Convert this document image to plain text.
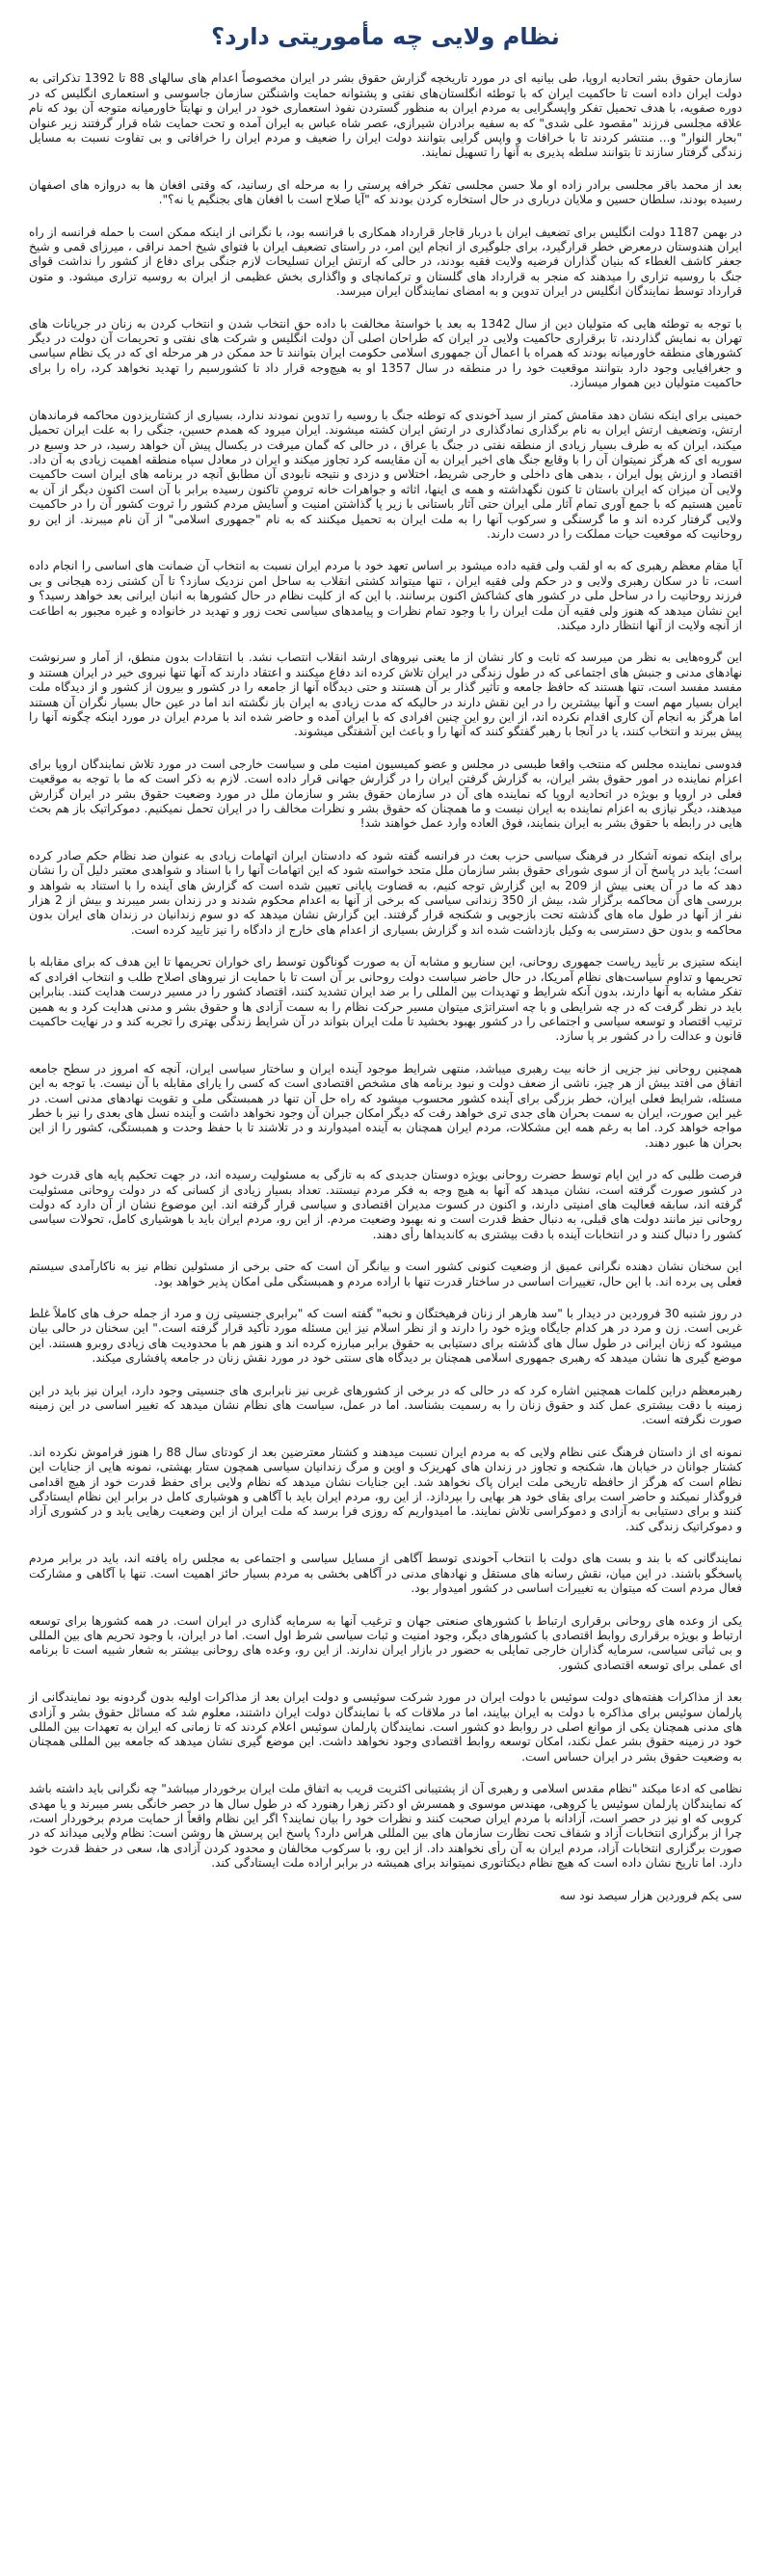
نظام ولایی چه مأموریتی دارد؟

سازمان حقوق بشر اتحادیه اروپا، طی بیانیه ای در مورد تاریخچه گزارش حقوق بشر در ایران مخصوصاً اعدام های سالهای 88 تا 1392 تذکراتی به دولت ایران داده است تا حاکمیت ایران که با توطئه انگلستان‌های نفتی و پشتوانه حمایت واشنگتن سازمان جاسوسی و استعماری انگلیس که در دوره صفویه، با هدف تحمیل تفکر واپسگرایی به مردم ایران به منظور گستردن نفوذ استعماری خود در ایران و نهایتاً خاورمیانه متوجه آن بود که نام علاقه مجلسی فرزند "مقصود علی شدی" که به سفیه برادران شیرازی، عصر شاه عباس به ایران آمده و تحت حمایت شاه قرار گرفتند زیر عنوان "بحار النوار" و... منتشر کردند تا با خرافات و واپس گرایی بتوانند دولت ایران را ضعیف و مردم ایران را خرافاتی و بی تفاوت نسبت به مسایل زندگی گرفتار سازند تا بتوانند سلطه پذیری به آنها را تسهیل نمایند.

بعد از محمد باقر مجلسی برادر زاده او ملا حسن مجلسی تفکر خرافه پرستی را به مرحله ای رسانید، که وقتی افغان ها به دروازه های اصفهان رسیده بودند، سلطان حسین و ملایان درباری در حال استخاره کردن بودند که "آیا صلاح است با افغان های بجنگیم یا نه؟".

در بهمن 1187 دولت انگلیس برای تضعیف ایران با دربار قاجار قرارداد همکاری با فرانسه بود، با نگرانی از اینکه ممکن است با حمله فرانسه از راه ایران هندوستان درمعرض خطر قرارگیرد، برای جلوگیری از انجام این امر، در راستای تضعیف ایران با فتوای شیخ احمد نراقی ، میرزای قمی و شیخ جعفر کاشف الغطاء که بنیان گذاران فرضیه ولایت فقیه بودند، در حالی که ارتش ایران تسلیحات لازم جنگی برای دفاع از کشور را نداشت قوای جنگ با روسیه تزاری را میدهند که منجر به قرارداد های گلستان و ترکمانچای و واگذاری بخش عظیمی از ایران به روسیه تزاری میشود. و متون قرارداد توسط نمایندگان انگلیس در ایران تدوین و به امضای نمایندگان ایران میرسد.

با توجه به توطئه هایی که متولیان دین از سال 1342 به بعد با خواستۀ مخالفت با داده حق انتخاب شدن و انتخاب کردن به زنان در جریانات های تهران به نمایش گذاردند، تا برقراری حاکمیت ولایی در ایران که طراحان اصلی آن دولت انگلیس و شرکت های نفتی و تحریمات آن دولت در دیگر کشورهای منطقه خاورمیانه بودند که همراه با اعمال آن جمهوری اسلامی حکومت ایران بتوانند تا حد ممکن در هر مرحله ای که در یک نظام سیاسی و جغرافیایی وجود دارد بتوانند موقعیت خود را در منطقه در سال 1357 او به هیچ‌وجه قرار داد تا کشورسیم را تهدید نخواهد کرد، راه را برای حاکمیت متولیان دین هموار میسازد.

خمینی برای اینکه نشان دهد مقامش کمتر از سید آخوندی که توطئه جنگ با روسیه را تدوین نمودند ندارد، بسیاری از کشتاریزدون محاکمه فرماندهان ارتش، وتضعیف ارتش ایران به نام برگذاری نمادگذاری در ارتش ایران کشته میشوند. ایران میرود که همدم حسین، جنگی را به علت ایران تحمیل میکند، ایران که به طرف بسیار زیادی از منطقه نفتی در جنگ با عراق ، در حالی که گمان میرفت در یکسال پیش آن خواهد رسید، در حد وسیع در سوریه ای که هرگز نمیتوان آن را با وقایع جنگ های اخیر ایران به آن مقایسه کرد تجاوز میکند و ایران در معادل سپاه منطقه اهمیت زیادی به آن داد. اقتصاد و ارزش پول ایران ، بدهی های داخلی و خارجی شریط، اختلاس و دزدی و نتیجه نابودی آن مطابق آنچه در برنامه های ایران است حاکمیت ولایی آن میزان که ایران باستان تا کنون نگهداشته و همه ی اینها، اثاثه و جواهرات خانه ترومن تاکنون رسیده برابر با آن است اکنون دیگر از آن به تأمین هستیم که با جمع آوری تمام آثار ملی ایران حتی آثار باستانی با زیر پا گذاشتن امنیت و آسایش مردم کشور را ثروت کشور آن را در حاکمیت ولایی گرفتار کرده اند و ما گرسنگی و سرکوب آنها را به ملت ایران به تحمیل میکنند که به نام "جمهوری اسلامی" از آن نام میبرند. از این رو روحانیت که موقعیت حیات مملکت را در دست دارند.

آیا مقام معظم رهبری که به او لقب ولی فقیه داده میشود بر اساس تعهد خود با مردم ایران نسبت به انتخاب آن ضمانت های اساسی را انجام داده است، تا در سکان رهبری ولایی و در حکم ولی فقیه ایران ، تنها میتواند کشتی انقلاب به ساحل امن نزدیک سازد؟ تا آن کشتی زده هیجانی و بی فرزند روحانیت را در ساحل ملی در کشور های کشاکش اکنون برسانند. با این که از کلیت نظام در حال کشورها به انبان ایرانی بعد خواهد رسید؟ و این نشان میدهد که هنوز ولی فقیه آن ملت ایران را با وجود تمام نظرات و پیامدهای سیاسی تحت زور و تهدید در خانواده و غیره مجبور به اطاعت از آنچه ولایت از آنها انتظار دارد میکند.

این گروه‌هایی به نظر من میرسد که ثابت و کار نشان از ما یعنی نیروهای ارشد انقلاب انتصاب نشد. با انتقادات بدون منطق، از آمار و سرنوشت نهادهای مدنی و جنبش های اجتماعی که در طول زندگی در ایران تلاش کرده اند دفاع میکنند و اعتقاد دارند که آنها تنها نیروی خیر در ایران هستند و مفسد مفسد است، تنها هستند که حافظ جامعه و تأثیر گذار بر آن هستند و حتی دیدگاه آنها از جامعه را در کشور و بیرون از کشور و از دیدگاه ملت ایران بسیار مهم است و آنها بیشترین را در این نقش دارند در حالیکه که مدت زیادی به ایران باز نگشته اند اما در عین حال بسیار نگران آن هستند اما هرگز به انجام آن کاری اقدام نکرده اند، از این رو این چنین افرادی که با ایران آمده و حاضر شده اند با مردم ایران در مورد اینکه چگونه آنها را پیش ببرند و انتخاب کنند، یا در آنجا با رهبر گفتگو کنند که آنها را و باعث این آشفتگی میشوند.

فدوسی نماینده مجلس که منتخب واقعا طبسی در مجلس و عضو کمیسیون امنیت ملی و سیاست خارجی است در مورد تلاش نمایندگان اروپا برای اعزام نماینده در امور حقوق بشر ایران، به گزارش گرفتن ایران را در گزارش جهانی قرار داده است. لازم به ذکر است که ما با توجه به موقعیت فعلی در اروپا و بویژه در اتحادیه اروپا که نماینده های آن در سازمان حقوق بشر و سازمان ملل در مورد وضعیت حقوق بشر در ایران گزارش میدهند، دیگر نیازی به اعزام نماینده به ایران نیست و ما همچنان که حقوق بشر و نظرات مخالف را در ایران تحمل نمیکنیم. دموکراتیک باز هم بحث هایی در رابطه با حقوق بشر به ایران بنمایند، فوق العاده وارد عمل خواهند شد!

برای اینکه نمونه آشکار در فرهنگ سیاسی حزب بعث در فرانسه گفته شود که دادستان ایران اتهامات زیادی به عنوان ضد نظام حکم صادر کرده است؛ باید در پاسخ آن از سوی شورای حقوق بشر سازمان ملل متحد خواسته شود که این اتهامات آنها را با اسناد و شواهدی معتبر دلیل آن را نشان دهد که ما در آن یعنی بیش از 209 به این گزارش توجه کنیم، به قضاوت پایانی تعیین شده است که گزارش های آینده را با استناد به شواهد و بررسی های آن محاکمه برگزار شد، بیش از 350 زندانی سیاسی که برخی از آنها به اعدام محکوم شدند و در زندان بسر میبرند و بیش از 2 هزار نفر از آنها در طول ماه های گذشته تحت بازجویی و شکنجه قرار گرفتند. این گزارش نشان میدهد که دو سوم زندانیان در زندان های ایران بدون محاکمه و بدون حق دسترسی به وکیل بازداشت شده اند و گزارش بسیاری از اعدام های خارج از دادگاه را نیز تایید کرده است.

اینکه ستیزی بر تأیید ریاست جمهوری روحانی، این سناریو و مشابه آن به صورت گوناگون توسط رای خواران تحریمها تا این هدف که برای مقابله با تحریمها و تداوم سیاست‌های نظام آمریکا، در حال حاضر سیاست دولت روحانی بر آن است تا با حمایت از نیروهای اصلاح طلب و انتخاب افرادی که تفکر مشابه به آنها دارند، بدون آنکه شرایط و تهدیدات بین المللی را بر ضد ایران تشدید کنند، اقتصاد کشور را در مسیر درست هدایت کنند. بنابراین باید در نظر گرفت که در چه شرایطی و با چه استراتژی میتوان مسیر حرکت نظام را به سمت آزادی ها و حقوق بشر و مدنی هدایت کرد و به همین ترتیب اقتصاد و توسعه سیاسی و اجتماعی را در کشور بهبود بخشید تا ملت ایران بتواند در آن شرایط زندگی بهتری را تجربه کند و در نهایت حاکمیت قانون و عدالت را در کشور بر پا سازد.

همچنین روحانی نیز جزیی از خانه بیت رهبری میباشد، منتهی شرایط موجود آینده ایران و ساختار سیاسی ایران، آنچه که امروز در سطح جامعه اتفاق می افتد بیش از هر چیز، ناشی از ضعف دولت و نبود برنامه های مشخص اقتصادی است که کسی را یارای مقابله با آن نیست. با توجه به این مسئله، شرایط فعلی ایران، خطر بزرگی برای آینده کشور محسوب میشود که راه حل آن تنها در همبستگی ملی و تقویت نهادهای مدنی است. در غیر این صورت، ایران به سمت بحران های جدی تری خواهد رفت که دیگر امکان جبران آن وجود نخواهد داشت و آینده نسل های بعدی را نیز با خطر مواجه خواهد کرد. اما به رغم همه این مشکلات، مردم ایران همچنان به آینده امیدوارند و در تلاشند تا با حفظ وحدت و همبستگی، کشور را از این بحران ها عبور دهند.

فرصت طلبی که در این ایام توسط حضرت روحانی بویژه دوستان جدیدی که به تازگی به مسئولیت رسیده اند، در جهت تحکیم پایه های قدرت خود در کشور صورت گرفته است، نشان میدهد که آنها به هیچ وجه به فکر مردم نیستند. تعداد بسیار زیادی از کسانی که در دولت روحانی مسئولیت گرفته اند، سابقه فعالیت های امنیتی دارند، و اکنون در کسوت مدیران اقتصادی و سیاسی قرار گرفته اند. این موضوع نشان از آن دارد که دولت روحانی نیز مانند دولت های قبلی، به دنبال حفظ قدرت است و نه بهبود وضعیت مردم. از این رو، مردم ایران باید با هوشیاری کامل، تحولات سیاسی کشور را دنبال کنند و در انتخابات آینده با دقت بیشتری به کاندیداها رأی دهند.

این سخنان نشان دهنده نگرانی عمیق از وضعیت کنونی کشور است و بیانگر آن است که حتی برخی از مسئولین نظام نیز به ناکارآمدی سیستم فعلی پی برده اند. با این حال، تغییرات اساسی در ساختار قدرت تنها با اراده مردم و همبستگی ملی امکان پذیر خواهد بود.

در روز شنبه 30 فروردین در دیدار با "سد هارهر از زنان فرهیختگان و نخبه" گفته است که "برابری جنسیتی زن و مرد از جمله حرف های کاملاً غلط غربی است. زن و مرد در هر کدام جایگاه ویژه خود را دارند و از نظر اسلام نیز این مسئله مورد تأکید قرار گرفته است." این سخنان در حالی بیان میشود که زنان ایرانی در طول سال های گذشته برای دستیابی به حقوق برابر مبارزه کرده اند و هنوز هم با محدودیت های زیادی روبرو هستند. این موضع گیری ها نشان میدهد که رهبری جمهوری اسلامی همچنان بر دیدگاه های سنتی خود در مورد نقش زنان در جامعه پافشاری میکند.

رهبرمعظم دراین کلمات همچنین اشاره کرد که در حالی که در برخی از کشورهای غربی نیز نابرابری های جنسیتی وجود دارد، ایران نیز باید در این زمینه با دقت بیشتری عمل کند و حقوق زنان را به رسمیت بشناسد. اما در عمل، سیاست های نظام نشان میدهد که تغییر اساسی در این زمینه صورت نگرفته است.

نمونه ای از داستان فرهنگ عنی نظام ولایی که به مردم ایران نسبت میدهند و کشتار معترضین بعد از کودتای سال 88 را هنوز فراموش نکرده اند. کشتار جوانان در خیابان ها، شکنجه و تجاوز در زندان های کهریزک و اوین و مرگ زندانیان سیاسی همچون ستار بهشتی، نمونه هایی از جنایات این نظام است که هرگز از حافظه تاریخی ملت ایران پاک نخواهد شد. این جنایات نشان میدهد که نظام ولایی برای حفظ قدرت خود از هیچ اقدامی فروگذار نمیکند و حاضر است برای بقای خود هر بهایی را بپردازد. از این رو، مردم ایران باید با آگاهی و هوشیاری کامل در برابر این نظام ایستادگی کنند و برای دستیابی به آزادی و دموکراسی تلاش نمایند. ما امیدواریم که روزی فرا برسد که ملت ایران از این وضعیت رهایی یابد و در کشوری آزاد و دموکراتیک زندگی کند.

نمایندگانی که با بند و بست های دولت با انتخاب آخوندی توسط آگاهی از مسایل سیاسی و اجتماعی به مجلس راه یافته اند، باید در برابر مردم پاسخگو باشند. در این میان، نقش رسانه های مستقل و نهادهای مدنی در آگاهی بخشی به مردم بسیار حائز اهمیت است. تنها با آگاهی و مشارکت فعال مردم است که میتوان به تغییرات اساسی در کشور امیدوار بود.

یکی از وعده های روحانی برقراری ارتباط با کشورهای صنعتی جهان و ترغیب آنها به سرمایه گذاری در ایران است. در همه کشورها برای توسعه ارتباط و بویژه برقراری روابط اقتصادی با کشورهای دیگر، وجود امنیت و ثبات سیاسی شرط اول است. اما در ایران، با وجود تحریم های بین المللی و بی ثباتی سیاسی، سرمایه گذاران خارجی تمایلی به حضور در بازار ایران ندارند. از این رو، وعده های روحانی بیشتر به شعار شبیه است تا برنامه ای عملی برای توسعه اقتصادی کشور.

بعد از مذاکرات هفته‌های دولت سوئیس با دولت ایران در مورد شرکت سوئیسی و دولت ایران بعد از مذاکرات اولیه بدون گردونه بود نمایندگانی از پارلمان سوئیس برای مذاکره با دولت به ایران بیایند، اما در ملاقات که با نمایندگان دولت ایران داشتند، معلوم شد که مسائل حقوق بشر و آزادی های مدنی همچنان یکی از موانع اصلی در روابط دو کشور است. نمایندگان پارلمان سوئیس اعلام کردند که تا زمانی که ایران به تعهدات بین المللی خود در زمینه حقوق بشر عمل نکند، امکان توسعه روابط اقتصادی وجود نخواهد داشت. این موضع گیری نشان میدهد که جامعه بین المللی همچنان به وضعیت حقوق بشر در ایران حساس است.

نظامی که ادعا میکند "نظام مقدس اسلامی و رهبری آن از پشتیبانی اکثریت قریب به اتفاق ملت ایران برخوردار میباشد" چه نگرانی باید داشته باشد که نمایندگان پارلمان سوئیس یا کروهی، مهندس موسوی و همسرش او دکتر زهرا رهنورد که در طول سال ها در حصر خانگی بسر میبرند و یا مهدی کروبی که او نیز در حصر است، آزادانه با مردم ایران صحبت کنند و نظرات خود را بیان نمایند؟ اگر این نظام واقعاً از حمایت مردم برخوردار است، چرا از برگزاری انتخابات آزاد و شفاف تحت نظارت سازمان های بین المللی هراس دارد؟ پاسخ این پرسش ها روشن است: نظام ولایی میداند که در صورت برگزاری انتخابات آزاد، مردم ایران به آن رأی نخواهند داد. از این رو، با سرکوب مخالفان و محدود کردن آزادی ها، سعی در حفظ قدرت خود دارد. اما تاریخ نشان داده است که هیچ نظام دیکتاتوری نمیتواند برای همیشه در برابر اراده ملت ایستادگی کند.

سی یکم فروردین هزار سیصد نود سه
